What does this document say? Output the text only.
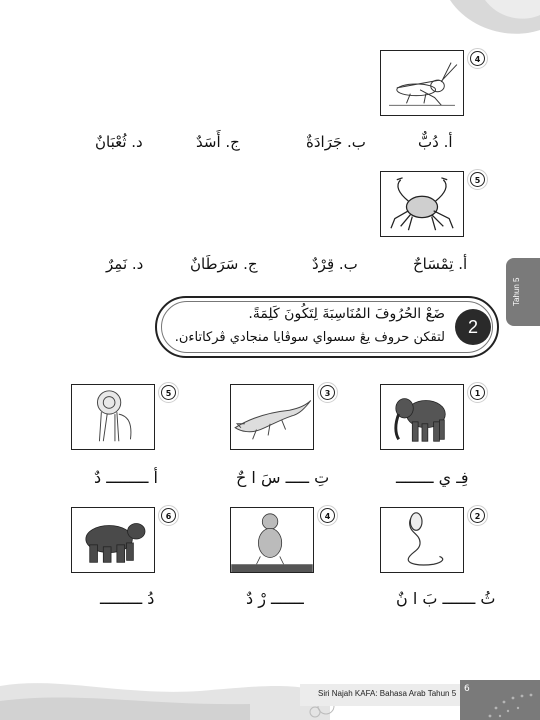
Siri Najah KAFA: Bahasa Arab Tahun 5 6
Tahun 5
4
أ. دُبٌّ
ب. جَرَادَةٌ
ج. أَسَدٌ
د. ثُعْبَانٌ
5
أ. تِمْسَاحٌ
ب. قِرْدٌ
ج. سَرَطَانٌ
د. نَمِرٌ
2
ضَعْ الحُرُوفَ المُنَاسِبَةَ لِتَكُونَ كَلِمَةً.
لتقكن حروف يڠ سسواي سوڤايا منجادي ڤركاتاءن.
1
3
5
فِـ ي ــــــــ
تِ ـــــ سَ ا حٌ
أ ـــــــــ دٌ
2
4
6
ثُ ـــــــ بَ ا نٌ
ـــــــ رْ دٌ
دُ ـــــــــ
